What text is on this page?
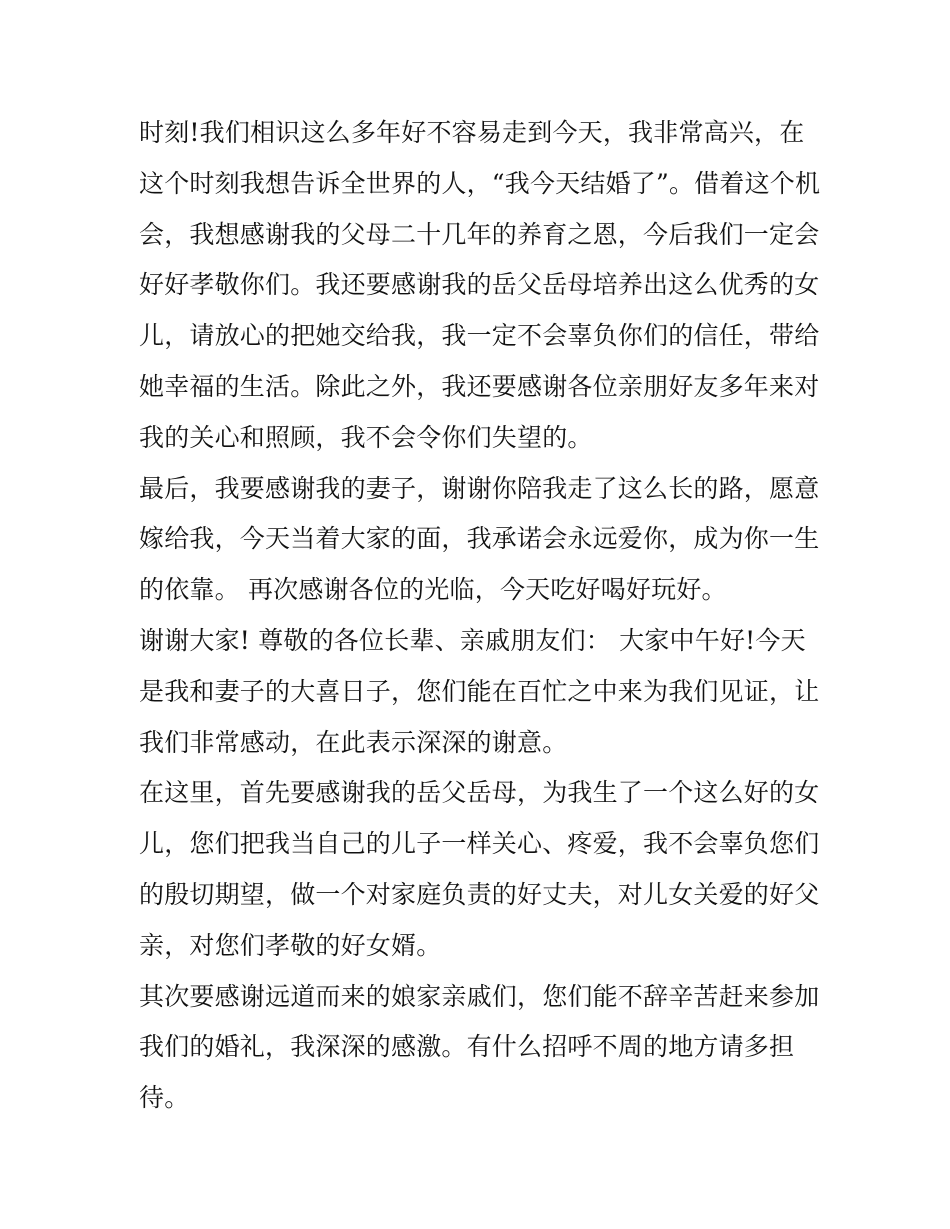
时刻!我们相识这么多年好不容易走到今天，我非常高兴，在
这个时刻我想告诉全世界的人，“我今天结婚了”。借着这个机
会，我想感谢我的父母二十几年的养育之恩，今后我们一定会
好好孝敬你们。我还要感谢我的岳父岳母培养出这么优秀的女
儿，请放心的把她交给我，我一定不会辜负你们的信任，带给
她幸福的生活。除此之外，我还要感谢各位亲朋好友多年来对
我的关心和照顾，我不会令你们失望的。
最后，我要感谢我的妻子，谢谢你陪我走了这么长的路，愿意
嫁给我，今天当着大家的面，我承诺会永远爱你，成为你一生
的依靠。 再次感谢各位的光临，今天吃好喝好玩好。
谢谢大家! 尊敬的各位长辈、亲戚朋友们： 大家中午好!今天
是我和妻子的大喜日子，您们能在百忙之中来为我们见证，让
我们非常感动，在此表示深深的谢意。
在这里，首先要感谢我的岳父岳母，为我生了一个这么好的女
儿，您们把我当自己的儿子一样关心、疼爱，我不会辜负您们
的殷切期望，做一个对家庭负责的好丈夫，对儿女关爱的好父
亲，对您们孝敬的好女婿。
其次要感谢远道而来的娘家亲戚们，您们能不辞辛苦赶来参加
我们的婚礼，我深深的感激。有什么招呼不周的地方请多担
待。
